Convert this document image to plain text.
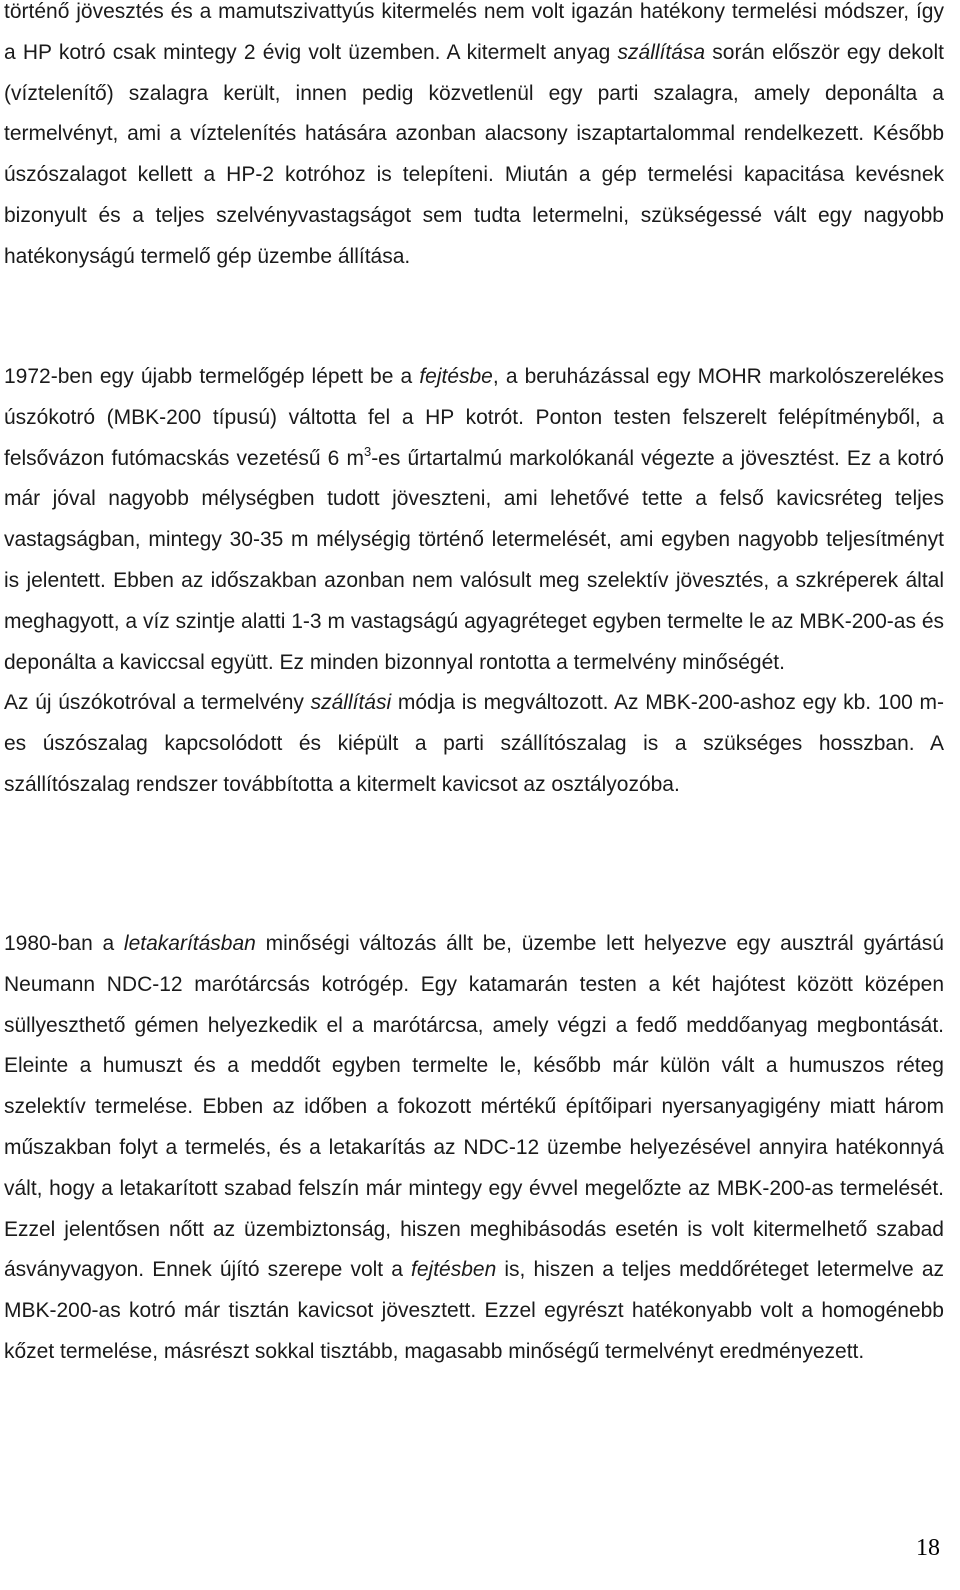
történő jövesztés és a mamutszivattyús kitermelés nem volt igazán hatékony termelési módszer, így a HP kotró csak mintegy 2 évig volt üzemben. A kitermelt anyag szállítása során először egy dekolt (víztelenítő) szalagra került, innen pedig közvetlenül egy parti szalagra, amely deponálta a termelvényt, ami a víztelenítés hatására azonban alacsony iszaptartalommal rendelkezett. Később úszószalagot kellett a HP-2 kotróhoz is telepíteni. Miután a gép termelési kapacitása kevésnek bizonyult és a teljes szelvényvastagságot sem tudta letermelni, szükségessé vált egy nagyobb hatékonyságú termelő gép üzembe állítása.
1972-ben egy újabb termelőgép lépett be a fejtésbe, a beruházással egy MOHR markolószerelékes úszókotró (MBK-200 típusú) váltotta fel a HP kotrót. Ponton testen felszerelt felépítményből, a felsővázon futómacskás vezetésű 6 $m^3-es$ űrtartalmú markolókanál végezte a jövesztést. Ez a kotró már jóval nagyobb mélységben tudott jöveszteni, ami lehetővé tette a felső kavicsréteg teljes vastagságban, mintegy 30-35 m mélységig történő letermelését, ami egyben nagyobb teljesítményt is jelentett. Ebben az időszakban azonban nem valósult meg szelektív jövesztés, a szkréperek által meghagyott, a víz szintje alatti 1-3 m vastagságú agyagréteget egyben termelte le az MBK-200-as és deponálta a kaviccsal együtt. Ez minden bizonnyal rontotta a termelvény minőségét.
Az új úszókotróval a termelvény szállítási módja is megváltozott. Az MBK-200-ashoz egy kb. 100 m-es úszószalag kapcsolódott és kiépült a parti szállítószalag is a szükséges hosszban. A szállítószalag rendszer továbbította a kitermelt kavicsot az osztályozóba.
1980-ban a letakarításban minőségi változás állt be, üzembe lett helyezve egy ausztrál gyártású Neumann NDC-12 marótárcsás kotrógép. Egy katamarán testen a két hajótest között középen süllyeszthető gémen helyezkedik el a marótárcsa, amely végzi a fedő meddőanyag megbontását. Eleinte a humuszt és a meddőt egyben termelte le, később már külön vált a humuszos réteg szelektív termelése. Ebben az időben a fokozott mértékű építőipari nyersanyagigény miatt három műszakban folyt a termelés, és a letakarítás az NDC-12 üzembe helyezésével annyira hatékonnyá vált, hogy a letakarított szabad felszín már mintegy egy évvel megelőzte az MBK-200-as termelését. Ezzel jelentősen nőtt az üzembiztonság, hiszen meghibásodás esetén is volt kitermelhető szabad ásványvagyon. Ennek újító szerepe volt a fejtésben is, hiszen a teljes meddőréteget letermelve az MBK-200-as kotró már tisztán kavicsot jövesztett. Ezzel egyrészt hatékonyabb volt a homogénebb kőzet termelése, másrészt sokkal tisztább, magasabb minőségű termelvényt eredményezett.
18
